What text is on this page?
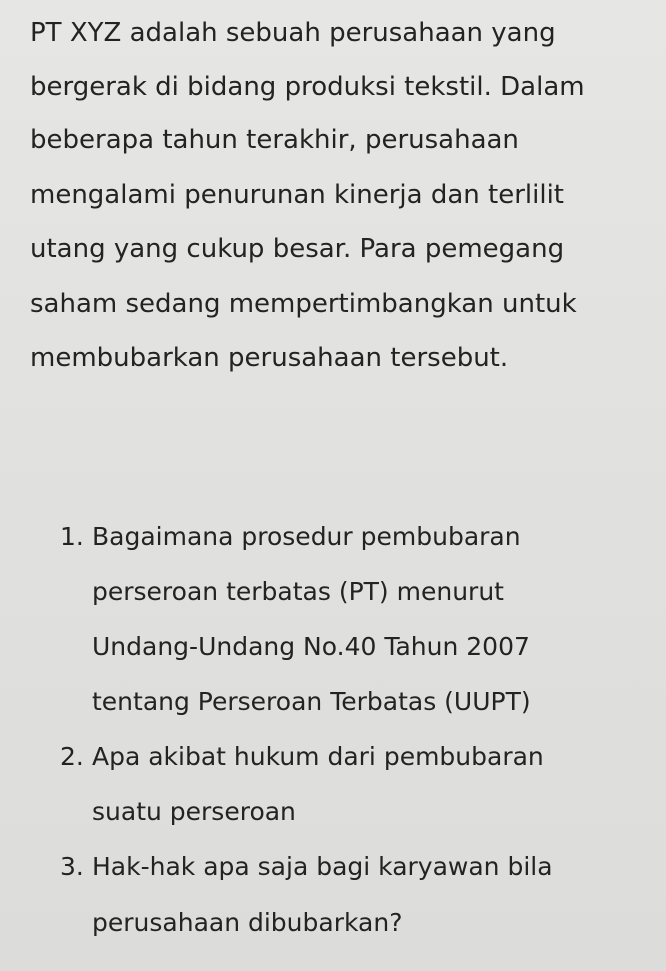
PT XYZ adalah sebuah perusahaan yang
bergerak di bidang produksi tekstil. Dalam
beberapa tahun terakhir, perusahaan
mengalami penurunan kinerja dan terlilit
utang yang cukup besar. Para pemegang
saham sedang mempertimbangkan untuk
membubarkan perusahaan tersebut.
1. Bagaimana prosedur pembubaran
perseroan terbatas (PT) menurut
Undang-Undang No.40 Tahun 2007
tentang Perseroan Terbatas (UUPT)
2. Apa akibat hukum dari pembubaran
suatu perseroan
3. Hak-hak apa saja bagi karyawan bila
perusahaan dibubarkan?
